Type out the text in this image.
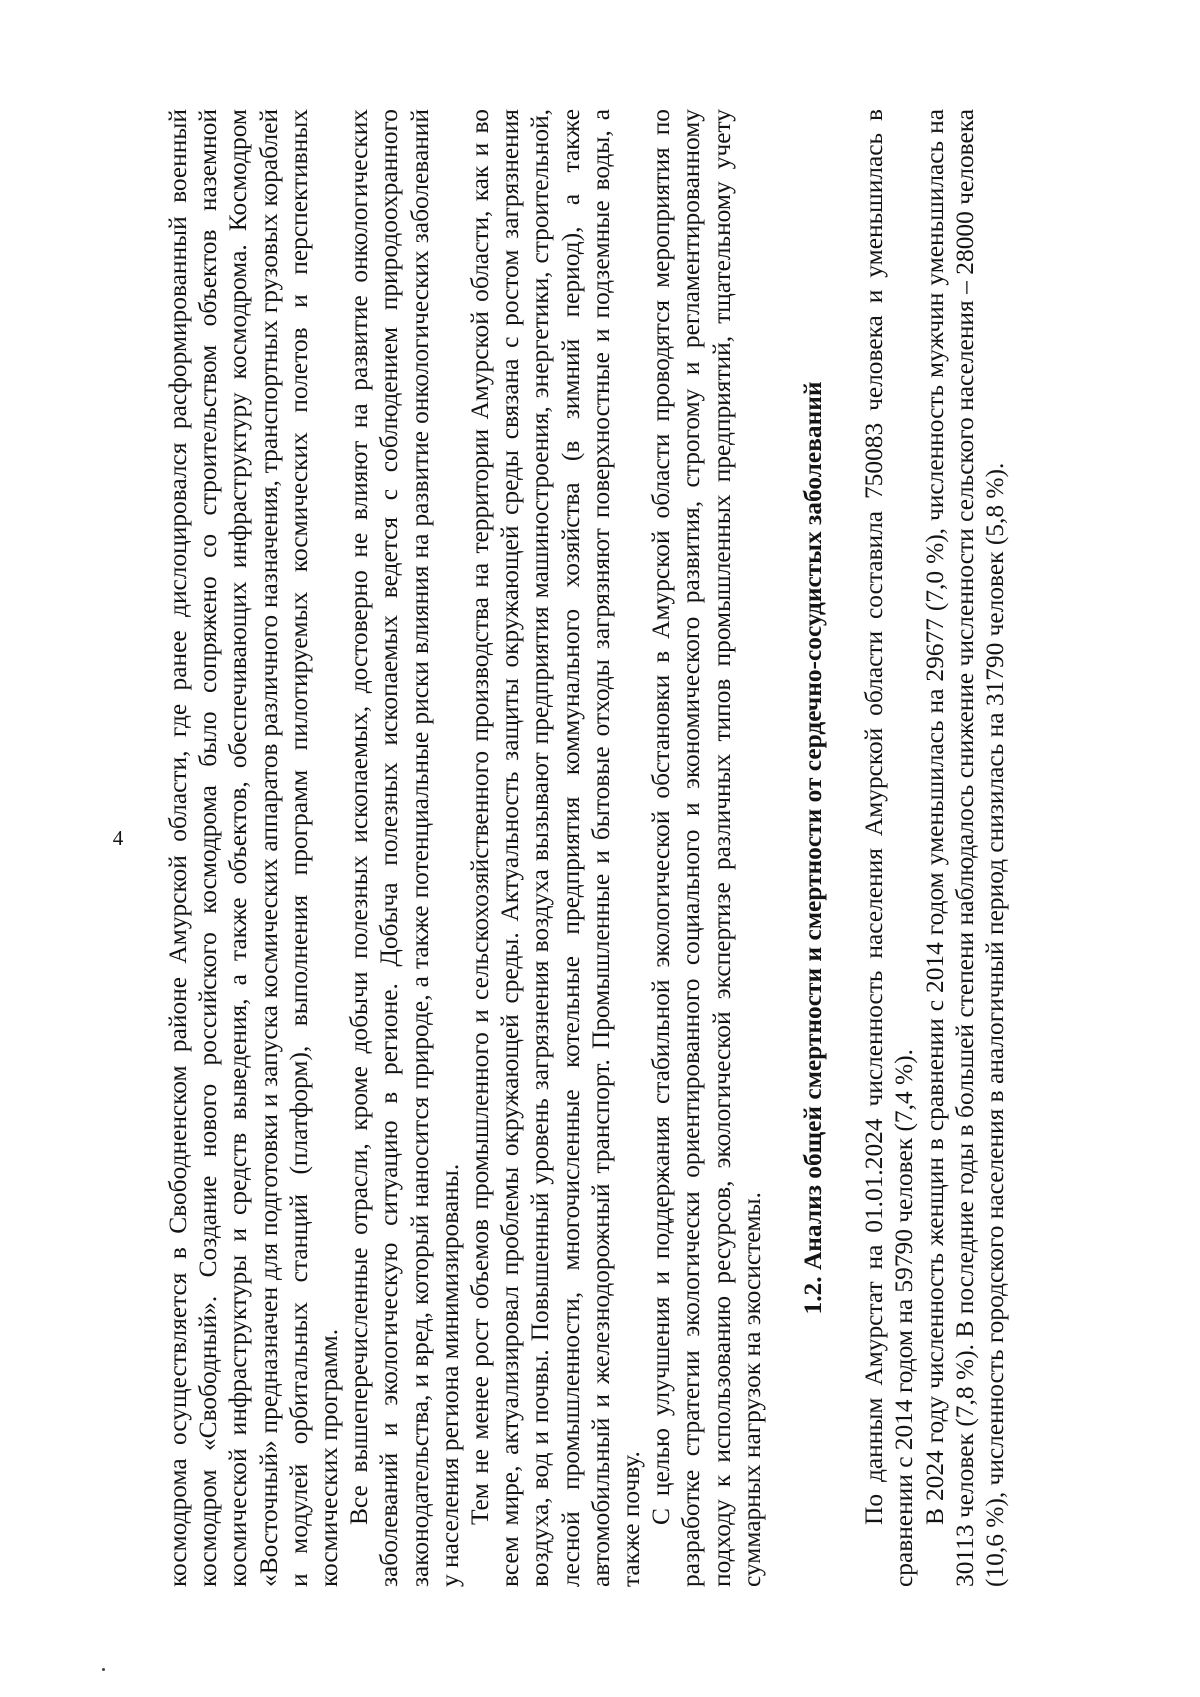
4 космодрома осуществляется в Свободненском районе Амурской области, где ранее дислоцировался расформированный военный космодром «Свободный». Создание нового российского космодрома было сопряжено со строительством объектов наземной космической инфраструктуры и средств выведения, а также объектов, обеспечивающих инфраструктуру космодрома. Космодром «Восточный» предназначен для подготовки и запуска космических аппаратов различного назначения, транспортных грузовых кораблей и модулей орбитальных станций (платформ), выполнения программ пилотируемых космических полетов и перспективных космических программ. Все вышеперечисленные отрасли, кроме добычи полезных ископаемых, достоверно не влияют на развитие онкологических заболеваний и экологическую ситуацию в регионе. Добыча полезных ископаемых ведется с соблюдением природоохранного законодательства, и вред, который наносится природе, а также потенциальные риски влияния на развитие онкологических заболеваний у населения региона минимизированы. Тем не менее рост объемов промышленного и сельскохозяйственного производства на территории Амурской области, как и во всем мире, актуализировал проблемы окружающей среды. Актуальность защиты окружающей среды связана с ростом загрязнения воздуха, вод и почвы. Повышенный уровень загрязнения воздуха вызывают предприятия машиностроения, энергетики, строительной, лесной промышленности, многочисленные котельные предприятия коммунального хозяйства (в зимний период), а также автомобильный и железнодорожный транспорт. Промышленные и бытовые отходы загрязняют поверхностные и подземные воды, а также почву. С целью улучшения и поддержания стабильной экологической обстановки в Амурской области проводятся мероприятия по разработке стратегии экологически ориентированного социального и экономического развития, строгому и регламентированному подходу к использованию ресурсов, экологической экспертизе различных типов промышленных предприятий, тщательному учету суммарных нагрузок на экосистемы.

1.2. Анализ общей смертности и смертности от сердечно-сосудистых заболеваний По данным Амурстат на 01.01.2024 численность населения Амурской области составила 750083 человека и уменьшилась в сравнении с 2014 годом на 59790 человек (7,4 %). В 2024 году численность женщин в сравнении с 2014 годом уменьшилась на 29677 (7,0 %), численность мужчин уменьшилась на 30113 человек (7,8 %). В последние годы в большей степени наблюдалось снижение численности сельского населения – 28000 человека (10,6 %), численность городского населения в аналогичный период снизилась на 31790 человек (5,8 %).
